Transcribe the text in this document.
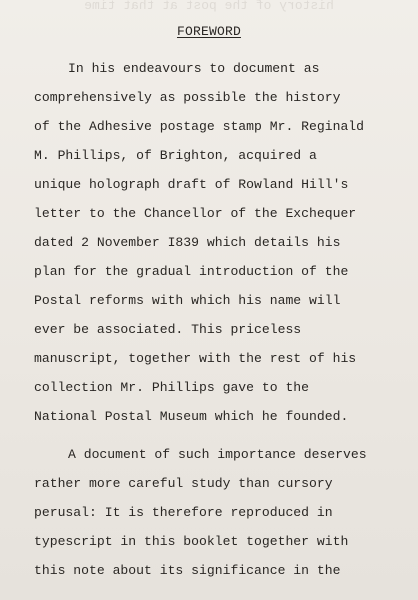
history of the post at that time
FOREWORD
In his endeavours to document as
comprehensively as possible the history
of the Adhesive postage stamp Mr. Reginald
M. Phillips, of Brighton, acquired a
unique holograph draft of Rowland Hill's
letter to the Chancellor of the Exchequer
dated 2 November I839 which details his
plan for the gradual introduction of the
Postal reforms with which his name will
ever be associated. This priceless
manuscript, together with the rest of his
collection Mr. Phillips gave to the
National Postal Museum which he founded.
A document of such importance deserves
rather more careful study than cursory
perusal: It is therefore reproduced in
typescript in this booklet together with
this note about its significance in the
